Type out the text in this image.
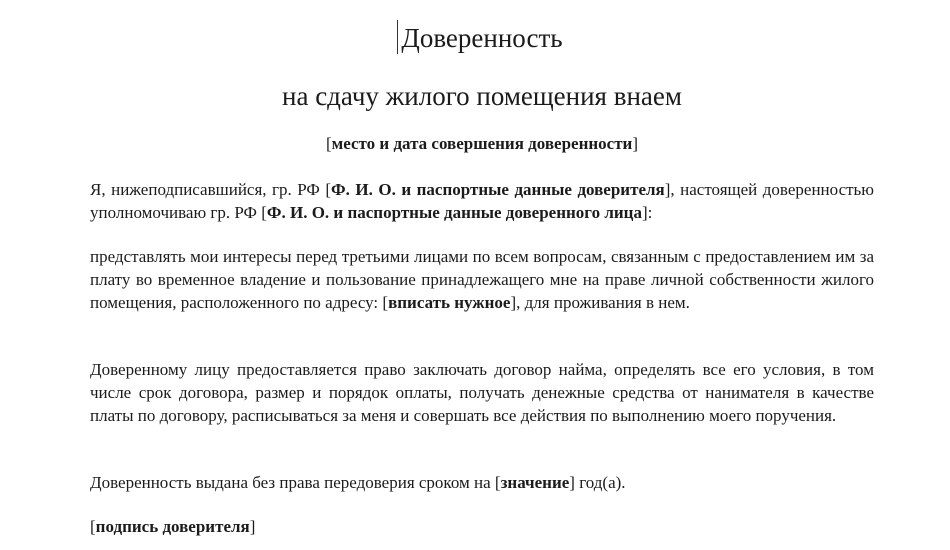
Доверенность
на сдачу жилого помещения внаем
[место и дата совершения доверенности]

Я, нижеподписавшийся, гр. РФ [Ф. И. О. и паспортные данные доверителя], настоящей доверенностью уполномочиваю гр. РФ [Ф. И. О. и паспортные данные доверенного лица]:

представлять мои интересы перед третьими лицами по всем вопросам, связанным с предоставлением им за плату во временное владение и пользование принадлежащего мне на праве личной собственности жилого помещения, расположенного по адресу: [вписать нужное], для проживания в нем.

Доверенному лицу предоставляется право заключать договор найма, определять все его условия, в том числе срок договора, размер и порядок оплаты, получать денежные средства от нанимателя в качестве платы по договору, расписываться за меня и совершать все действия по выполнению моего поручения.

Доверенность выдана без права передоверия сроком на [значение] год(а).

[подпись доверителя]
